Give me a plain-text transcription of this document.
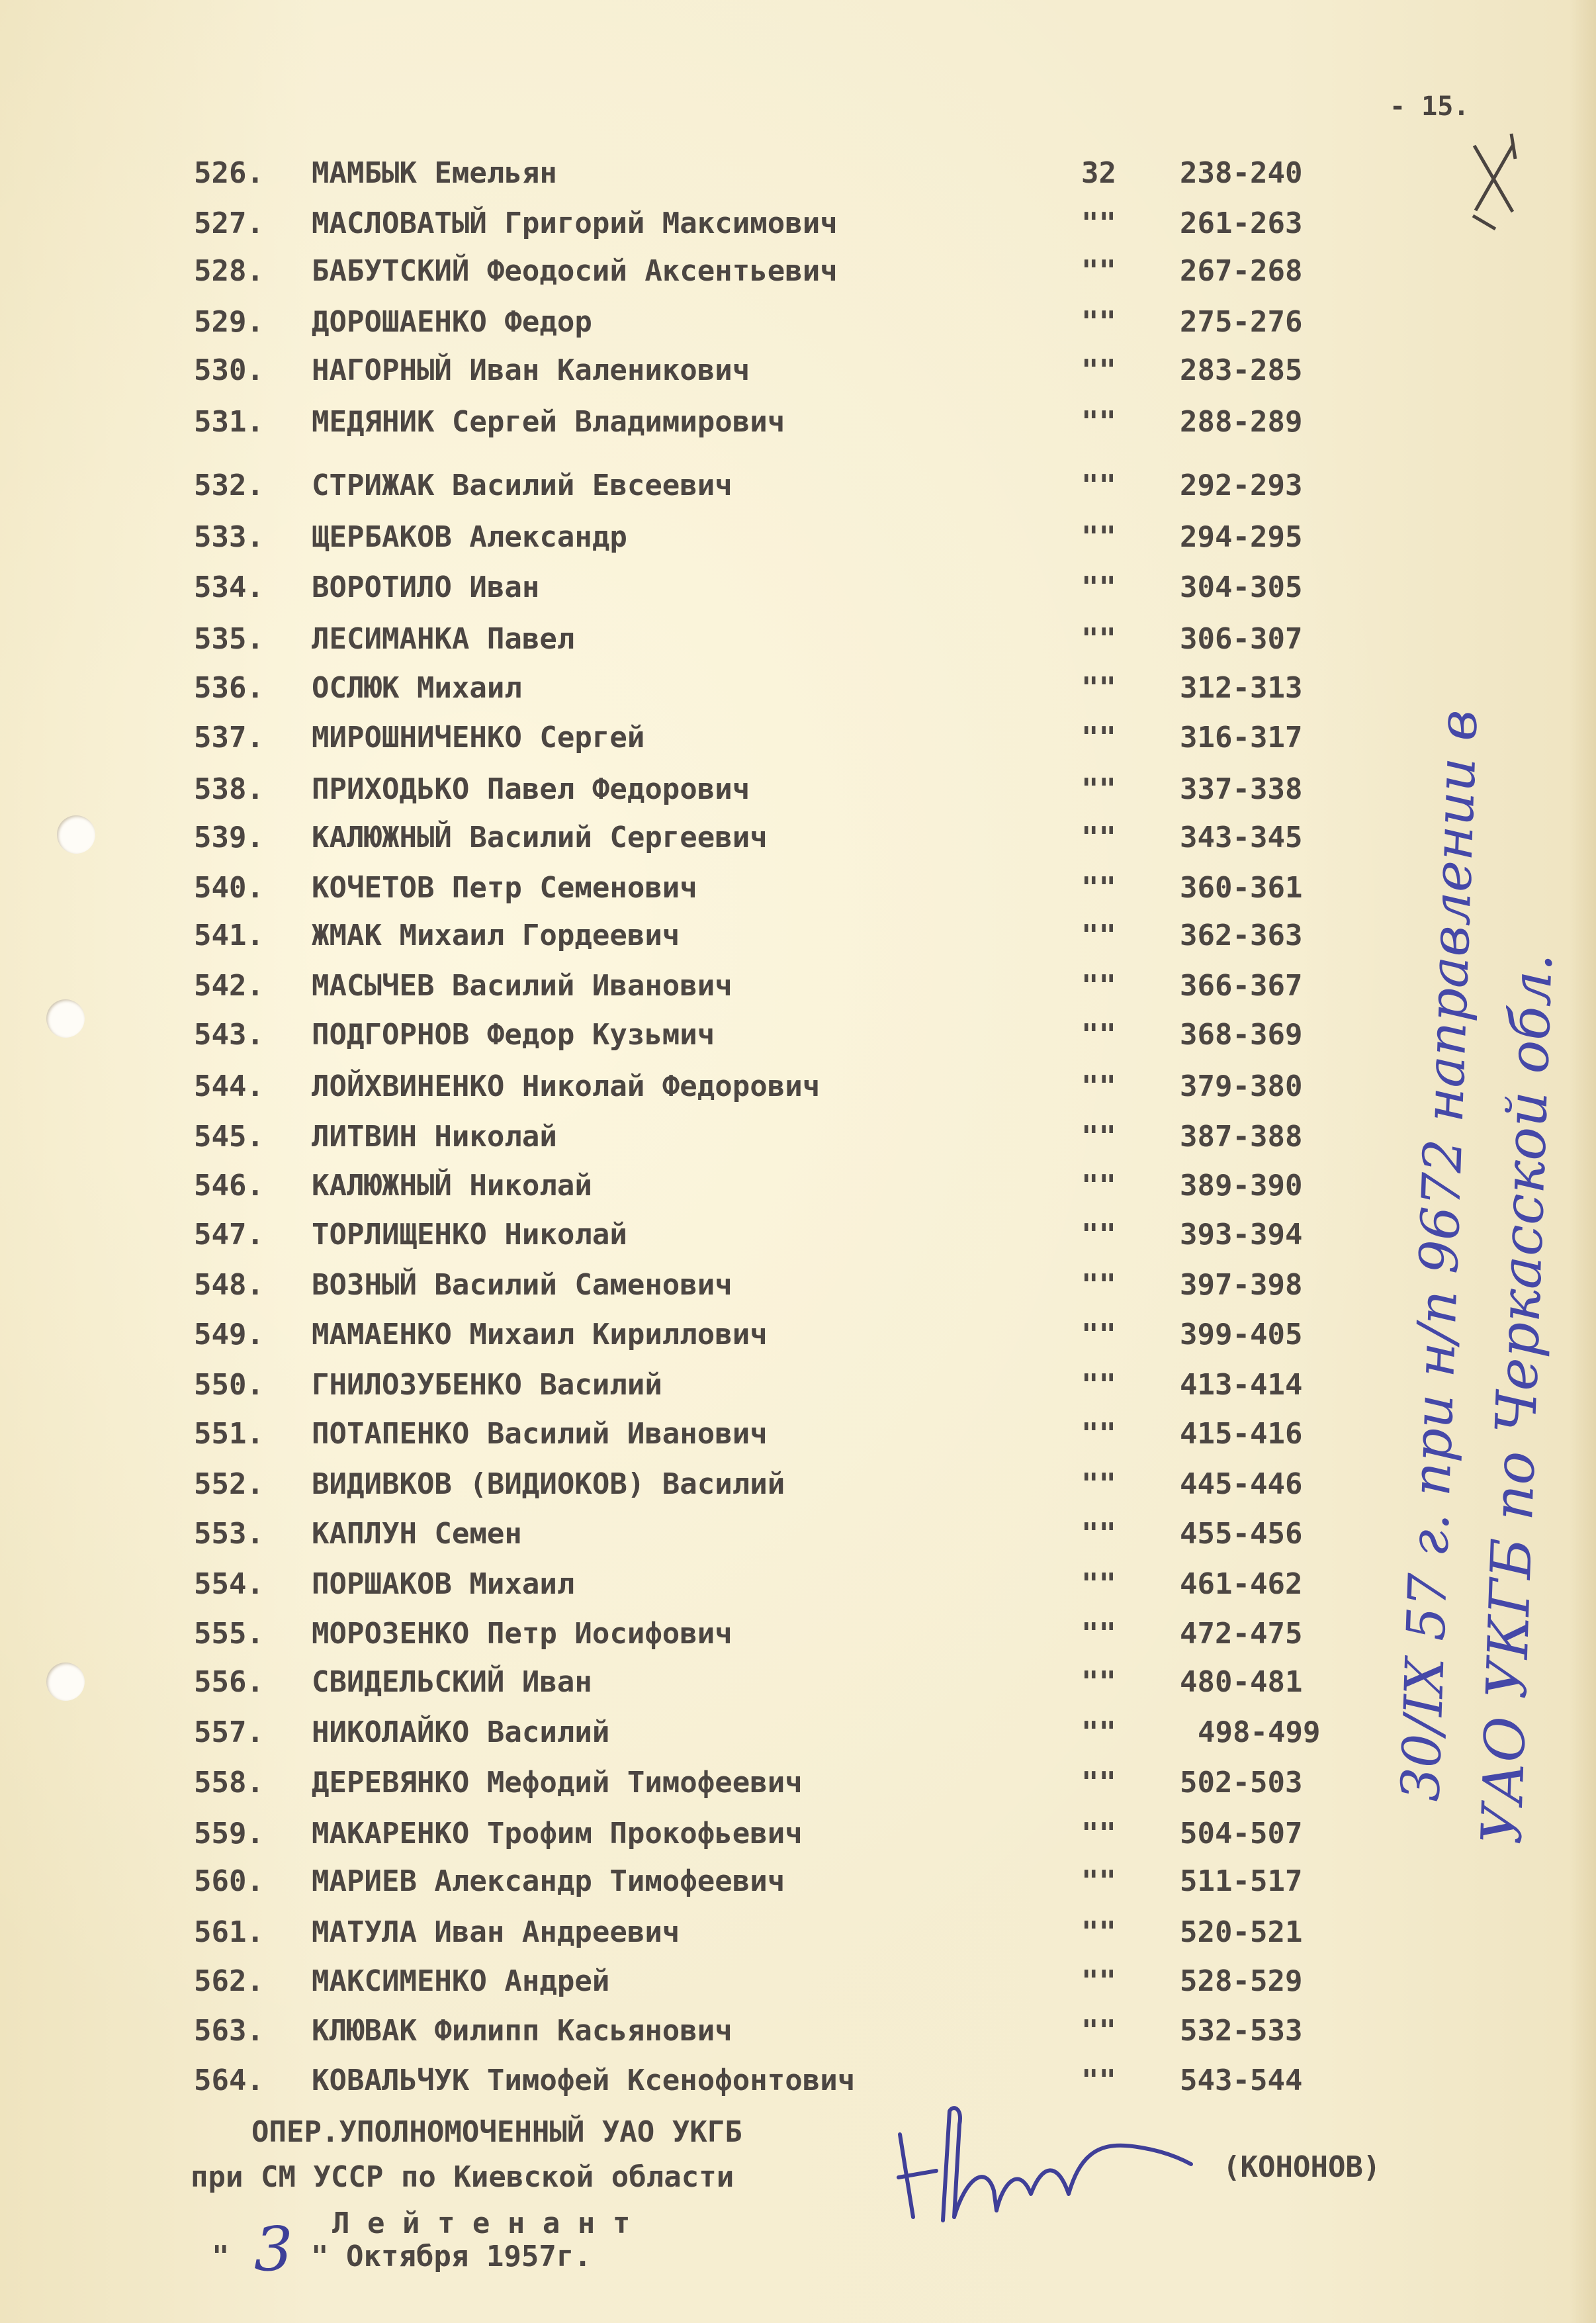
- 15.
526. МАМБЫК Емельян	32 238-240
527. МАСЛОВАТЫЙ Григорий Максимович	"" 261-263
528. БАБУТСКИЙ Феодосий Аксентьевич	"" 267-268
529. ДОРОШАЕНКО Федор	"" 275-276
530. НАГОРНЫЙ Иван Каленикович	"" 283-285
531. МЕДЯНИК Сергей Владимирович	"" 288-289
532. СТРИЖАК Василий Евсеевич	"" 292-293
533. ЩЕРБАКОВ Александр	"" 294-295
534. ВОРОТИЛО Иван	"" 304-305
535. ЛЕСИМАНКА Павел	"" 306-307
536. ОСЛЮК Михаил	"" 312-313
537. МИРОШНИЧЕНКО Сергей	"" 316-317
538. ПРИХОДЬКО Павел Федорович	"" 337-338
539. КАЛЮЖНЫЙ Василий Сергеевич	"" 343-345
540. КОЧЕТОВ Петр Семенович	"" 360-361
541. ЖМАК Михаил Гордеевич	"" 362-363
542. МАСЫЧЕВ Василий Иванович	"" 366-367
543. ПОДГОРНОВ Федор Кузьмич	"" 368-369
544. ЛОЙХВИНЕНКО Николай Федорович	"" 379-380
545. ЛИТВИН Николай	"" 387-388
546. КАЛЮЖНЫЙ Николай	"" 389-390
547. ТОРЛИЩЕНКО Николай	"" 393-394
548. ВОЗНЫЙ Василий Саменович	"" 397-398
549. МАМАЕНКО Михаил Кириллович	"" 399-405
550. ГНИЛОЗУБЕНКО Василий	"" 413-414
551. ПОТАПЕНКО Василий Иванович	"" 415-416
552. ВИДИВКОВ (ВИДИОКОВ) Василий	"" 445-446
553. КАПЛУН Семен	"" 455-456
554. ПОРШАКОВ Михаил	"" 461-462
555. МОРОЗЕНКО Петр Иосифович	"" 472-475
556. СВИДЕЛЬСКИЙ Иван	"" 480-481
557. НИКОЛАЙКО Василий	""	498-499
558. ДЕРЕВЯНКО Мефодий Тимофеевич	"" 502-503
559. МАКАРЕНКО Трофим Прокофьевич	"" 504-507
560. МАРИЕВ Александр Тимофеевич	"" 511-517
561. МАТУЛА Иван Андреевич	"" 520-521
562. МАКСИМЕНКО Андрей	"" 528-529
563. КЛЮВАК Филипп Касьянович	"" 532-533
564. КОВАЛЬЧУК Тимофей Ксенофонтович	"" 543-544
ОПЕР.УПОЛНОМОЧЕННЫЙ УАО УКГБ
при СМ УССР по Киевской области
Л е й т е н а н т
(КОНОНОВ)
" 3 " Октября 1957г.
30/IX 57 г. при н/п 9672 направлении в
УАО УКГБ по Черкасской обл.
